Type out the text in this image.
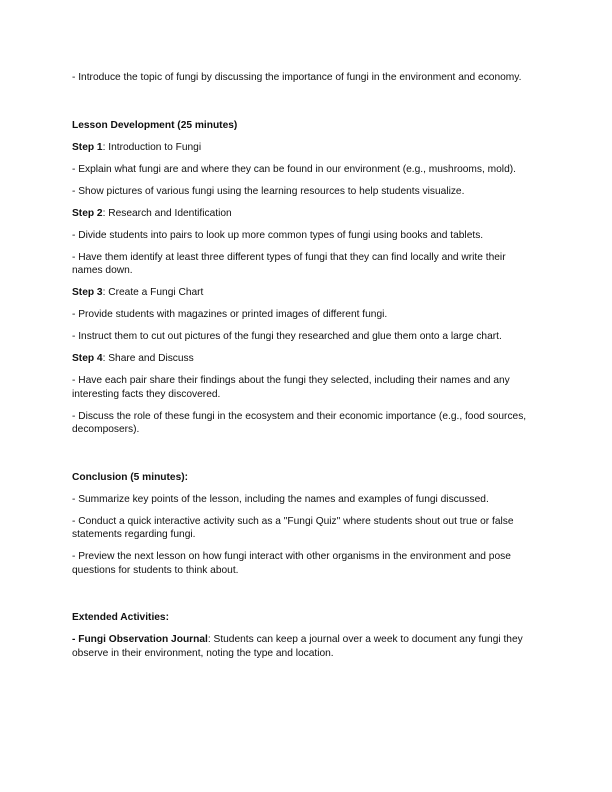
- Introduce the topic of fungi by discussing the importance of fungi in the environment and economy.

Lesson Development (25 minutes)

Step 1: Introduction to Fungi

- Explain what fungi are and where they can be found in our environment (e.g., mushrooms, mold).

- Show pictures of various fungi using the learning resources to help students visualize.

Step 2: Research and Identification

- Divide students into pairs to look up more common types of fungi using books and tablets.

- Have them identify at least three different types of fungi that they can find locally and write their names down.

Step 3: Create a Fungi Chart

- Provide students with magazines or printed images of different fungi.

- Instruct them to cut out pictures of the fungi they researched and glue them onto a large chart.

Step 4: Share and Discuss

- Have each pair share their findings about the fungi they selected, including their names and any interesting facts they discovered.

- Discuss the role of these fungi in the ecosystem and their economic importance (e.g., food sources, decomposers).

Conclusion (5 minutes):

- Summarize key points of the lesson, including the names and examples of fungi discussed.

- Conduct a quick interactive activity such as a "Fungi Quiz" where students shout out true or false statements regarding fungi.

- Preview the next lesson on how fungi interact with other organisms in the environment and pose questions for students to think about.

Extended Activities:

- Fungi Observation Journal: Students can keep a journal over a week to document any fungi they observe in their environment, noting the type and location.
